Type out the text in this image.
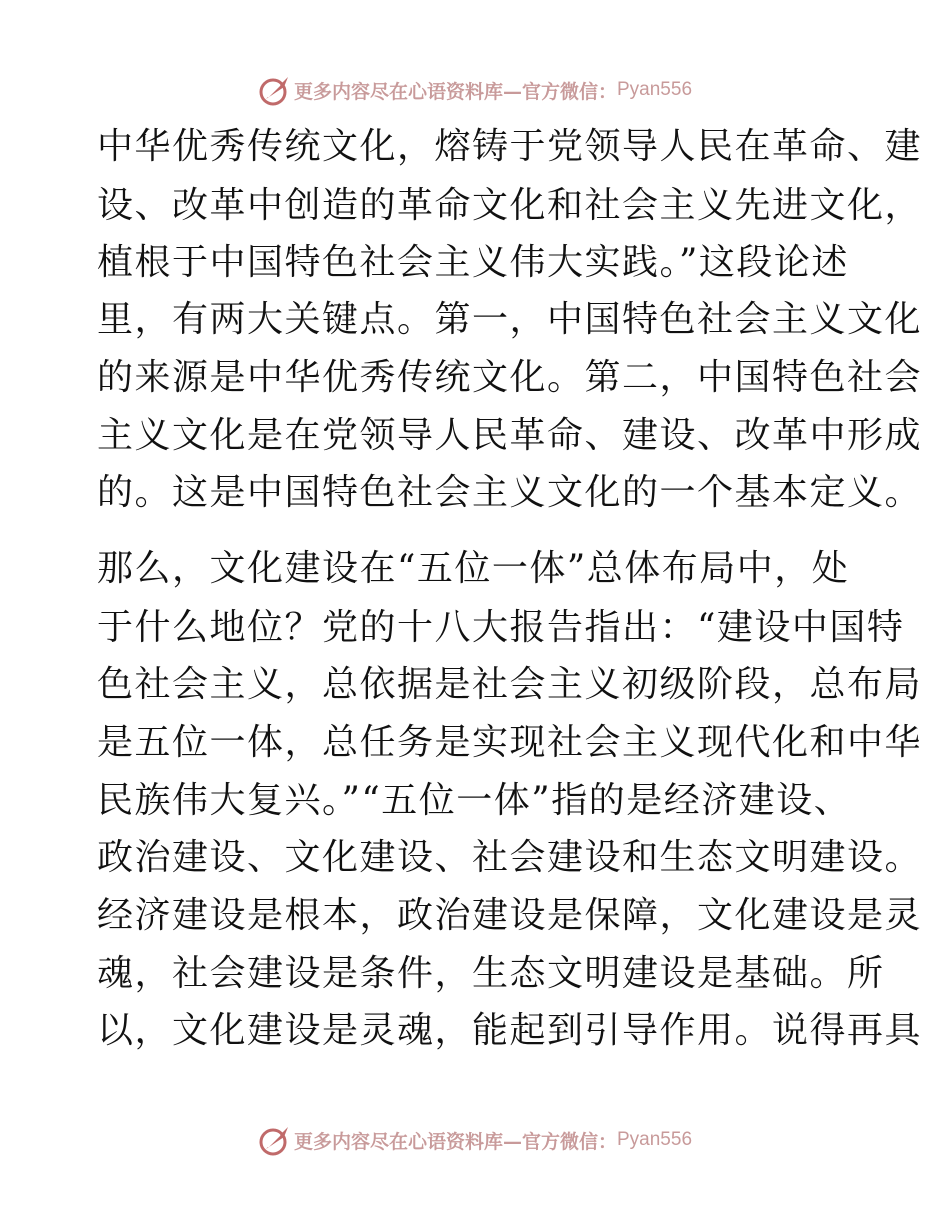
更多内容尽在心语资料库—官方微信： Pyan556
中华优秀传统文化，熔铸于党领导人民在革命、建
设、改革中创造的革命文化和社会主义先进文化，
植根于中国特色社会主义伟大实践。”这段论述
里，有两大关键点。第一，中国特色社会主义文化
的来源是中华优秀传统文化。第二，中国特色社会
主义文化是在党领导人民革命、建设、改革中形成
的。这是中国特色社会主义文化的一个基本定义。
那么，文化建设在“五位一体”总体布局中，处
于什么地位？党的十八大报告指出：“建设中国特
色社会主义，总依据是社会主义初级阶段，总布局
是五位一体，总任务是实现社会主义现代化和中华
民族伟大复兴。”“五位一体”指的是经济建设、
政治建设、文化建设、社会建设和生态文明建设。
经济建设是根本，政治建设是保障，文化建设是灵
魂，社会建设是条件，生态文明建设是基础。所
以，文化建设是灵魂，能起到引导作用。说得再具
更多内容尽在心语资料库—官方微信： Pyan556
